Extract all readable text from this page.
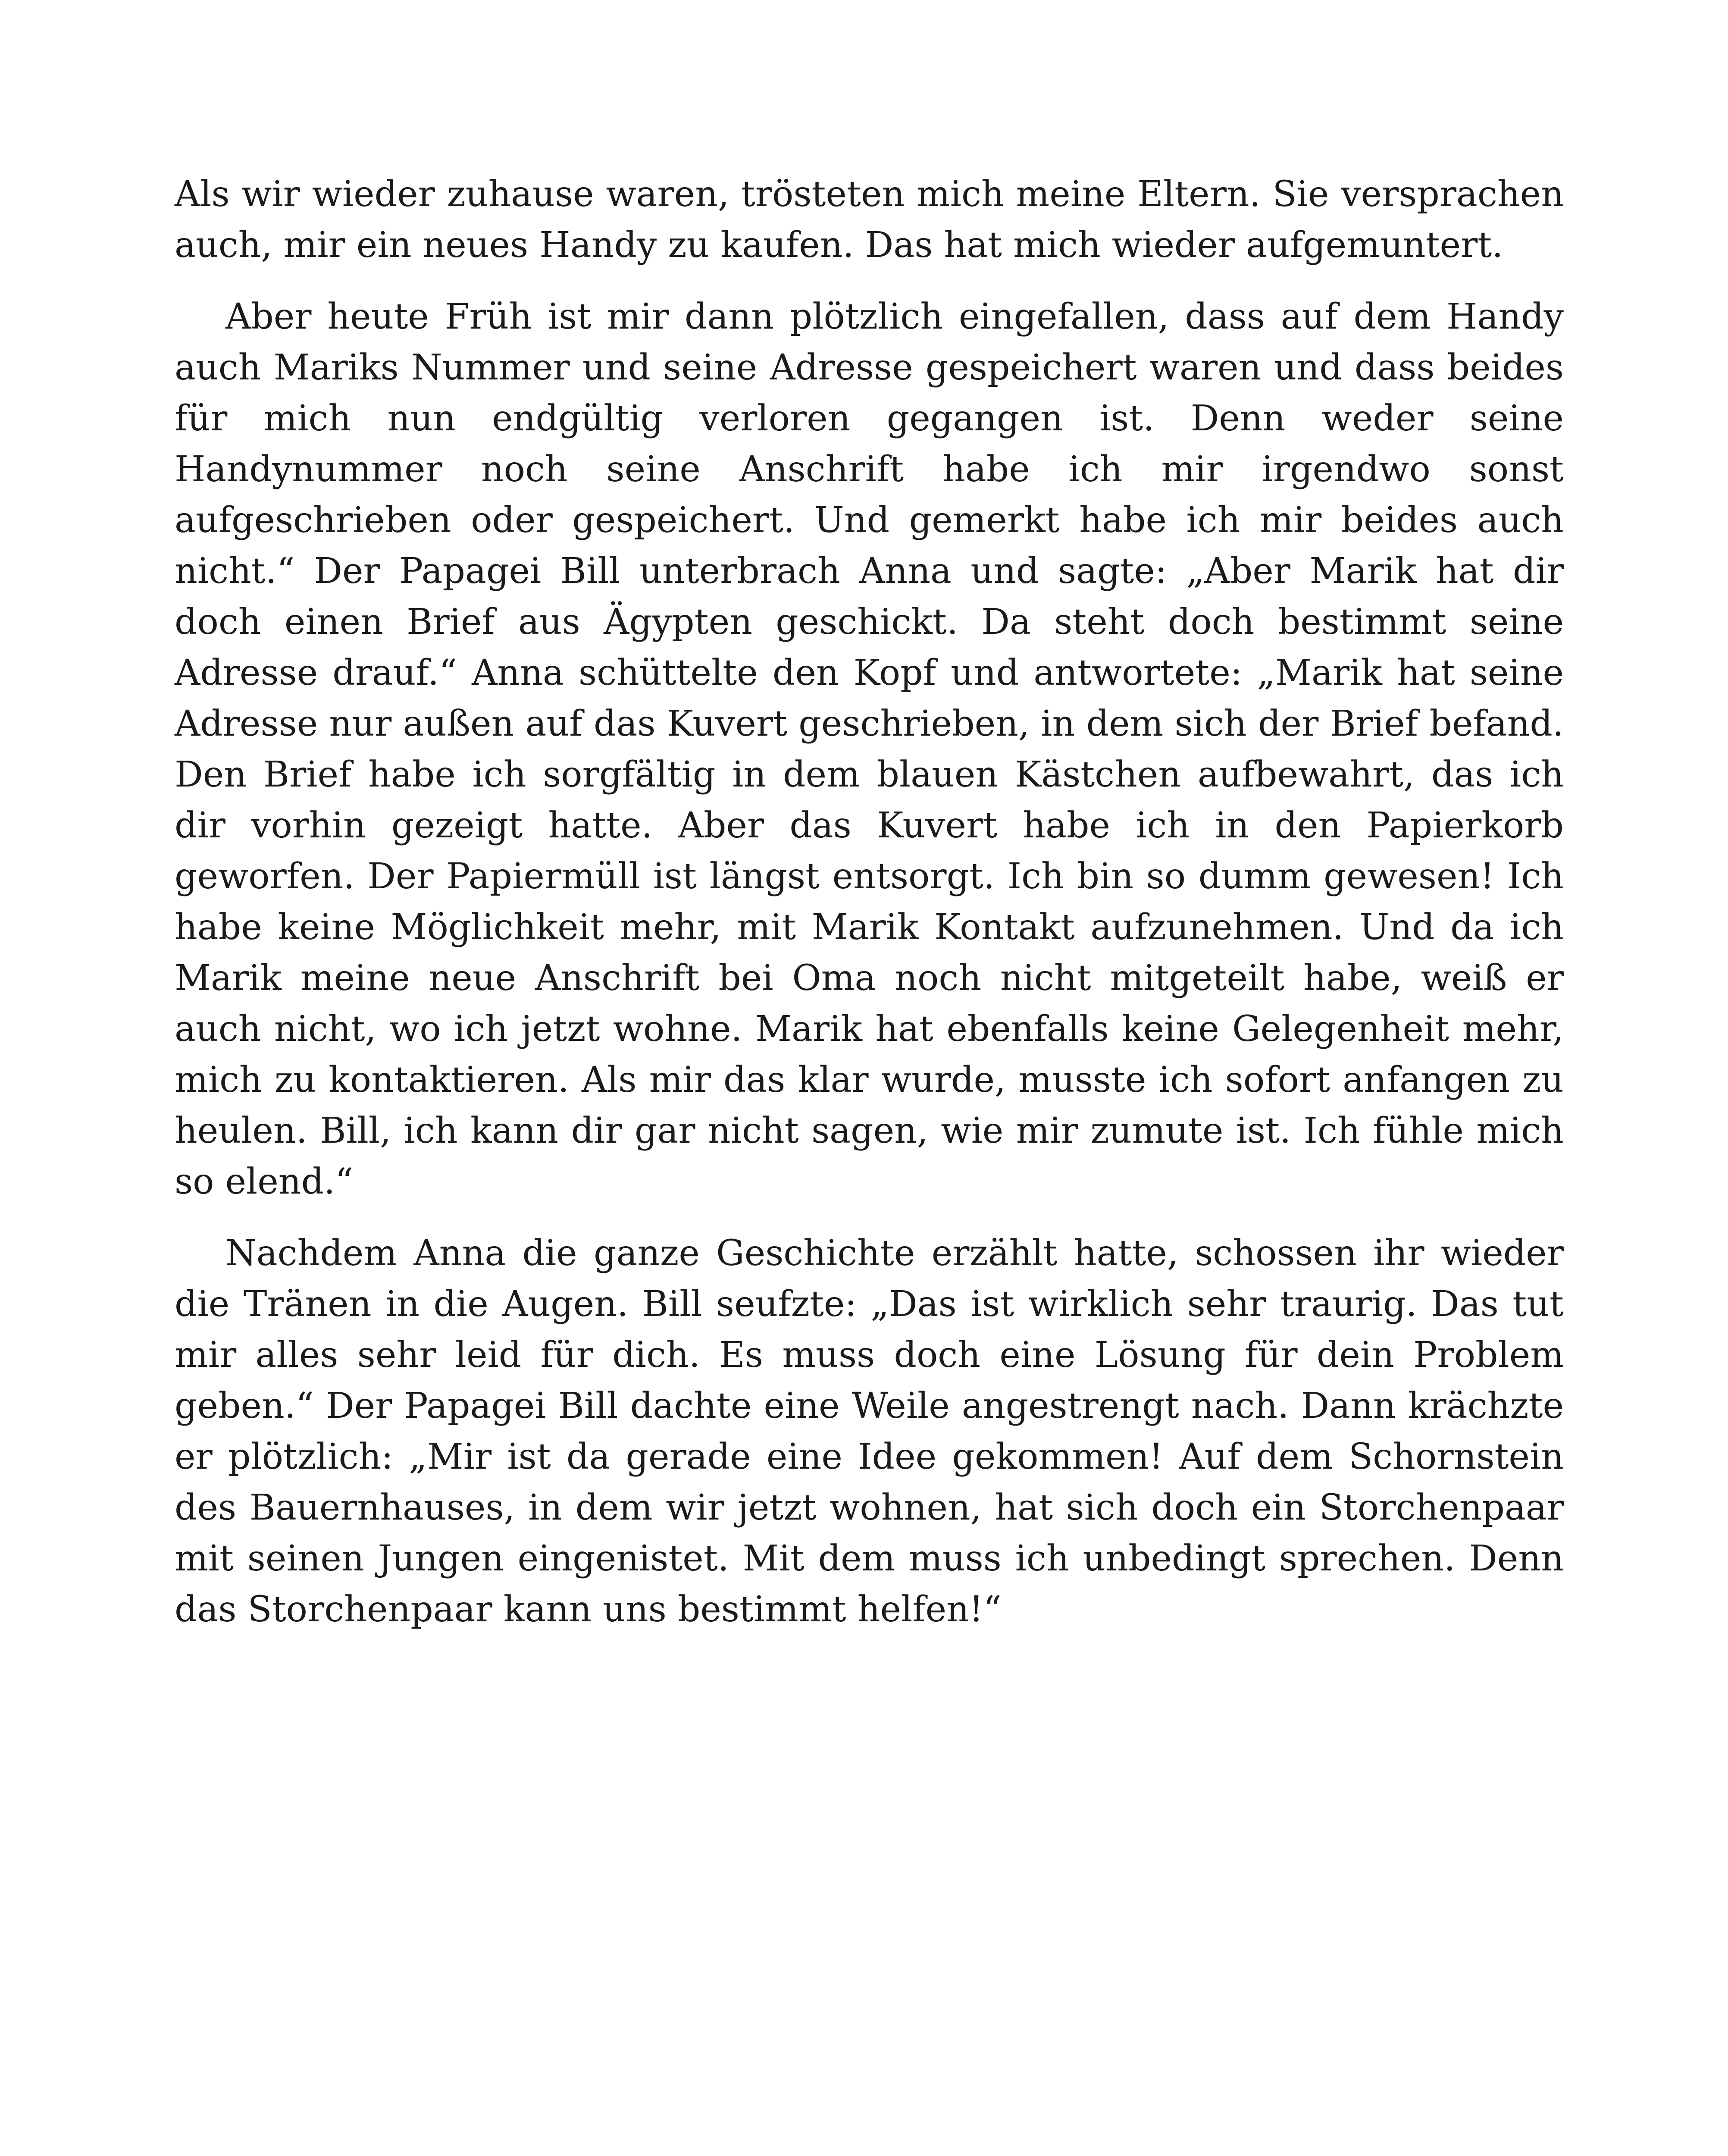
Als wir wieder zuhause waren, trösteten mich meine Eltern. Sie versprachen auch, mir ein neues Handy zu kaufen. Das hat mich wieder aufgemuntert.

Aber heute Früh ist mir dann plötzlich eingefallen, dass auf dem Handy auch Mariks Nummer und seine Adresse gespeichert waren und dass beides für mich nun endgültig verloren gegangen ist. Denn weder seine Handynummer noch seine Anschrift habe ich mir irgendwo sonst aufgeschrieben oder gespeichert. Und gemerkt habe ich mir beides auch nicht.“ Der Papagei Bill unterbrach Anna und sagte: „Aber Marik hat dir doch einen Brief aus Ägypten geschickt. Da steht doch bestimmt seine Adresse drauf.“ Anna schüttelte den Kopf und antwortete: „Marik hat seine Adresse nur außen auf das Kuvert geschrieben, in dem sich der Brief befand. Den Brief habe ich sorgfältig in dem blauen Kästchen aufbewahrt, das ich dir vorhin gezeigt hatte. Aber das Kuvert habe ich in den Papierkorb geworfen. Der Papiermüll ist längst entsorgt. Ich bin so dumm gewesen! Ich habe keine Möglichkeit mehr, mit Marik Kontakt aufzunehmen. Und da ich Marik meine neue Anschrift bei Oma noch nicht mitgeteilt habe, weiß er auch nicht, wo ich jetzt wohne. Marik hat ebenfalls keine Gelegenheit mehr, mich zu kontaktieren. Als mir das klar wurde, musste ich sofort anfangen zu heulen. Bill, ich kann dir gar nicht sagen, wie mir zumute ist. Ich fühle mich so elend.“

Nachdem Anna die ganze Geschichte erzählt hatte, schossen ihr wieder die Tränen in die Augen. Bill seufzte: „Das ist wirklich sehr traurig. Das tut mir alles sehr leid für dich. Es muss doch eine Lösung für dein Problem geben.“ Der Papagei Bill dachte eine Weile angestrengt nach. Dann krächzte er plötzlich: „Mir ist da gerade eine Idee gekommen! Auf dem Schornstein des Bauernhauses, in dem wir jetzt wohnen, hat sich doch ein Storchenpaar mit seinen Jungen eingenistet. Mit dem muss ich unbedingt sprechen. Denn das Storchenpaar kann uns bestimmt helfen!“
